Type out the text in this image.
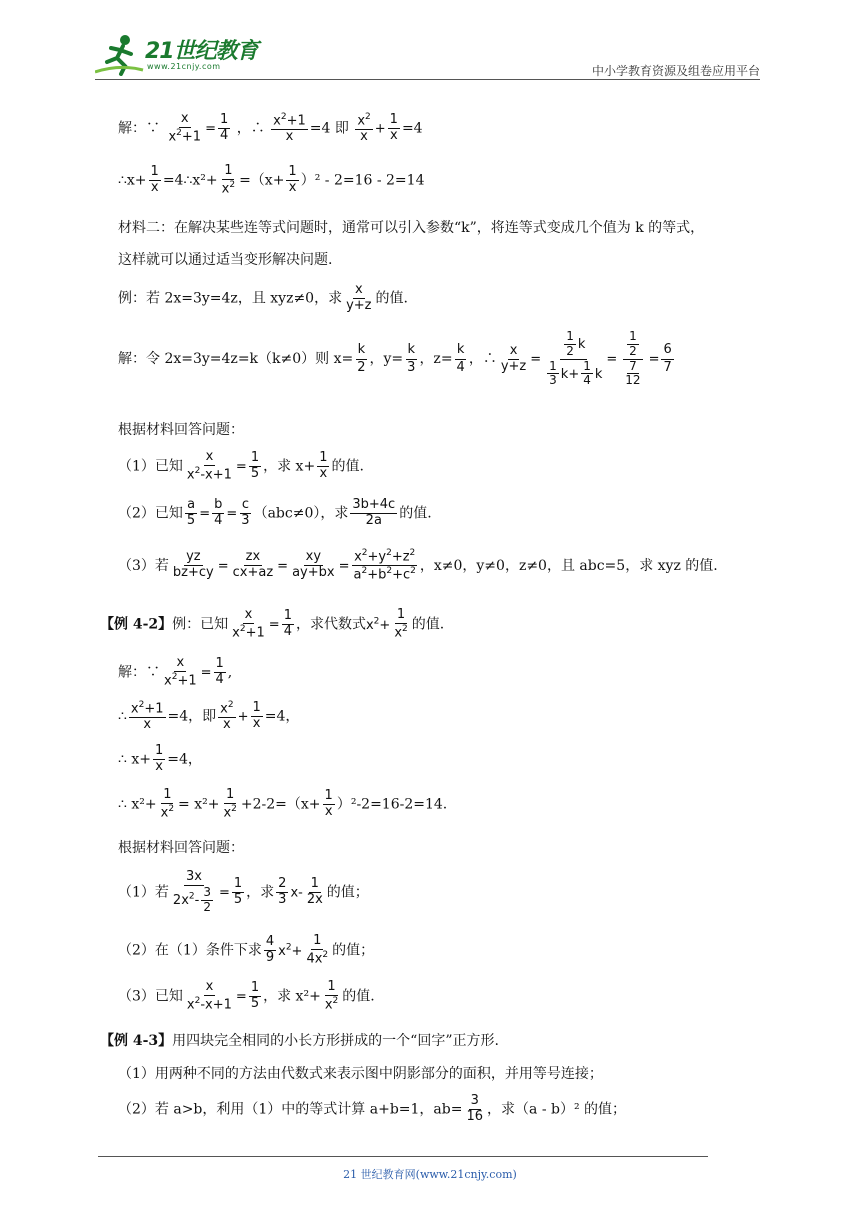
21世纪教育
www.21cnjy.com	中小学教育资源及组卷应用平台
解：∵ $\frac{x}{x^2+1} = \frac{1}{4}$ ，∴ $\frac{x^2+1}{x} =4$ 即 $\frac{x^2}{x} + \frac{1}{x} =4$
∴x+ $\frac{1}{x}$ =4∴x²+ $\frac{1}{x^2} =(x+ \frac{1}{x} )^2 - 2=16 - 2=14$
材料二：在解决某些连等式问题时，通常可以引入参数“k”，将连等式变成几个值为 k 的等式，
这样就可以通过适当变形解决问题.
例：若 2x=3y=4z，且 xyz≠0，求 $\frac{x}{y+z}$ 的值.
解：令 2x=3y=4z=k（k≠0）则 $x= \frac{k}{2}$ ，$y= \frac{k}{3}$ ，$z= \frac{k}{4}$ ，∴ $\frac{x}{y+z} = \frac{\frac{1}{2} k}{\frac{1}{3} k+ \frac{1}{4} k} = \frac{\frac{1}{2}}{\frac{7}{12}} = \frac{6}{7}$
根据材料回答问题：
（1）已知 $\frac{x}{x^2-x+1} = \frac{1}{5}$ ，求 $x+ \frac{1}{x}$ 的值.
（2）已知 $\frac{a}{5} = \frac{b}{4} = \frac{c}{3} (abc\ne 0)$，求 $\frac{3b+4c}{2a}$ 的值.
（3）若 $\frac{yz}{bz+cy} = \frac{zx}{cx+az} = \frac{xy}{ay+bx} = \frac{x^2+y^2+z^2}{a^2+b^2+c^2}$ ，x≠0，y≠0，z≠0，且 abc=5，求 xyz 的值.
【例 4-2】例：已知 $\frac{x}{x^2+1} = \frac{1}{4}$ ，求代数式$x^2+ \frac{1}{x^2}$ 的值.
解：∵ $\frac{x}{x^2+1} = \frac{1}{4}$ ,
∴ $\frac{x^2+1}{x} =4$，即 $\frac{x^2}{x} + \frac{1}{x} =4$，
∴ $x+ \frac{1}{x} =4$，
∴ $x^2+ \frac{1}{x^2} = x^2+ \frac{1}{x^2} +2-2=(x+ \frac{1}{x} )^2-2=16-2=14$.
根据材料回答问题：
（1）若 $\frac{3x}{2x^2- \frac{3}{2}} = \frac{1}{5}$ ，求 $\frac{2}{3} x- \frac{1}{2x}$ 的值；
（2）在（1）条件下求 $\frac{4}{9} x^2+ \frac{1}{4x^2}$ 的值；
（3）已知 $\frac{x}{x^2-x+1} = \frac{1}{5}$ ，求 $x^2+ \frac{1}{x^2}$ 的值.
【例 4-3】用四块完全相同的小长方形拼成的一个“回字”正方形.
（1）用两种不同的方法由代数式来表示图中阴影部分的面积，并用等号连接；
（2）若 a>b，利用（1）中的等式计算 a+b=1，$ab= \frac{3}{16}$ ，求（a - b）² 的值；
21 世纪教育网(www.21cnjy.com)
